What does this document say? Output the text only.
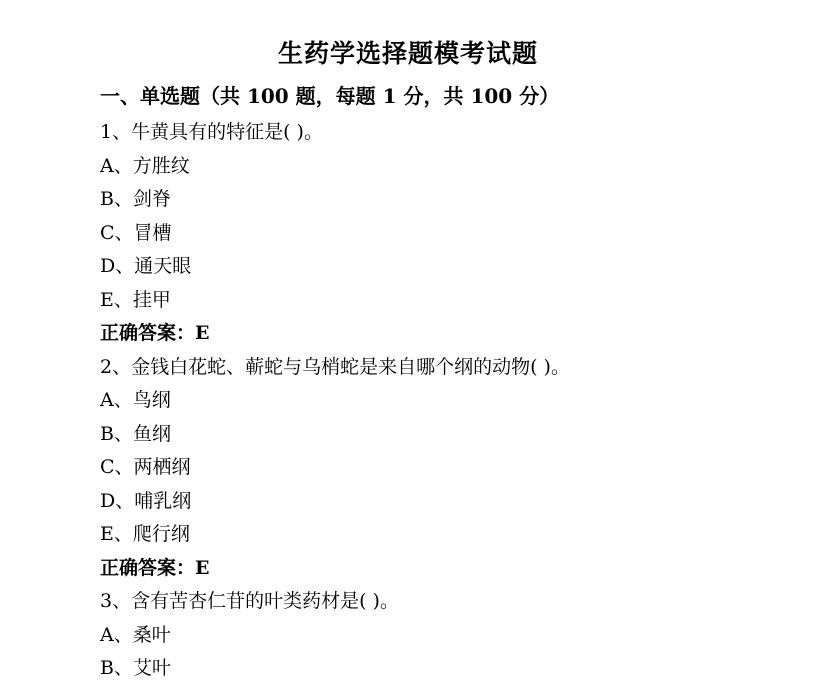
生药学选择题模考试题
一、单选题（共 100 题，每题 1 分，共 100 分）
1、牛黄具有的特征是( )。
A、方胜纹
B、剑脊
C、冒槽
D、通天眼
E、挂甲
正确答案：E
2、金钱白花蛇、蕲蛇与乌梢蛇是来自哪个纲的动物( )。
A、鸟纲
B、鱼纲
C、两栖纲
D、哺乳纲
E、爬行纲
正确答案：E
3、含有苦杏仁苷的叶类药材是( )。
A、桑叶
B、艾叶
